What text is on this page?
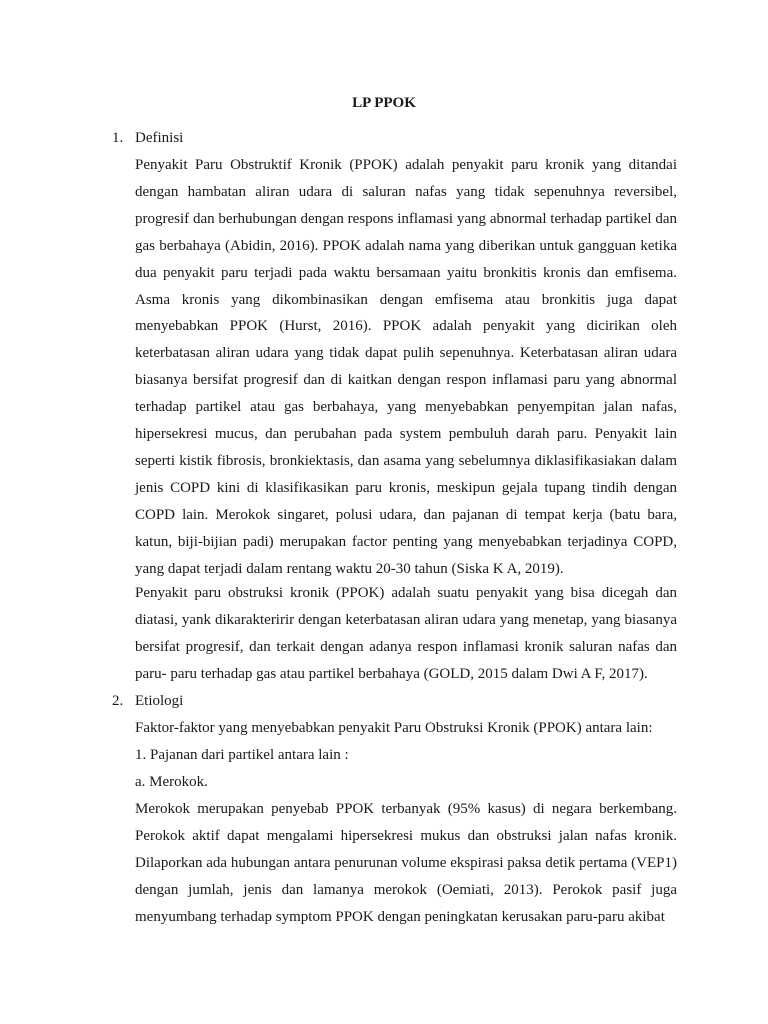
LP PPOK
1. Definisi

Penyakit Paru Obstruktif Kronik (PPOK) adalah penyakit paru kronik yang ditandai dengan hambatan aliran udara di saluran nafas yang tidak sepenuhnya reversibel, progresif dan berhubungan dengan respons inflamasi yang abnormal terhadap partikel dan gas berbahaya (Abidin, 2016). PPOK adalah nama yang diberikan untuk gangguan ketika dua penyakit paru terjadi pada waktu bersamaan yaitu bronkitis kronis dan emfisema. Asma kronis yang dikombinasikan dengan emfisema atau bronkitis juga dapat menyebabkan PPOK (Hurst, 2016). PPOK adalah penyakit yang dicirikan oleh keterbatasan aliran udara yang tidak dapat pulih sepenuhnya. Keterbatasan aliran udara biasanya bersifat progresif dan di kaitkan dengan respon inflamasi paru yang abnormal terhadap partikel atau gas berbahaya, yang menyebabkan penyempitan jalan nafas, hipersekresi mucus, dan perubahan pada system pembuluh darah paru. Penyakit lain seperti kistik fibrosis, bronkiektasis, dan asama yang sebelumnya diklasifikasiakan dalam jenis COPD kini di klasifikasikan paru kronis, meskipun gejala tupang tindih dengan COPD lain. Merokok singaret, polusi udara, dan pajanan di tempat kerja (batu bara, katun, biji-bijian padi) merupakan factor penting yang menyebabkan terjadinya COPD, yang dapat terjadi dalam rentang waktu 20-30 tahun (Siska K A, 2019).

Penyakit paru obstruksi kronik (PPOK) adalah suatu penyakit yang bisa dicegah dan diatasi, yank dikarakteririr dengan keterbatasan aliran udara yang menetap, yang biasanya bersifat progresif, dan terkait dengan adanya respon inflamasi kronik saluran nafas dan paru- paru terhadap gas atau partikel berbahaya (GOLD, 2015 dalam Dwi A F, 2017).

2. Etiologi

Faktor-faktor yang menyebabkan penyakit Paru Obstruksi Kronik (PPOK) antara lain:

1. Pajanan dari partikel antara lain :

a. Merokok.

Merokok merupakan penyebab PPOK terbanyak (95% kasus) di negara berkembang. Perokok aktif dapat mengalami hipersekresi mukus dan obstruksi jalan nafas kronik. Dilaporkan ada hubungan antara penurunan volume ekspirasi paksa detik pertama (VEP1) dengan jumlah, jenis dan lamanya merokok (Oemiati, 2013). Perokok pasif juga menyumbang terhadap symptom PPOK dengan peningkatan kerusakan paru-paru akibat
